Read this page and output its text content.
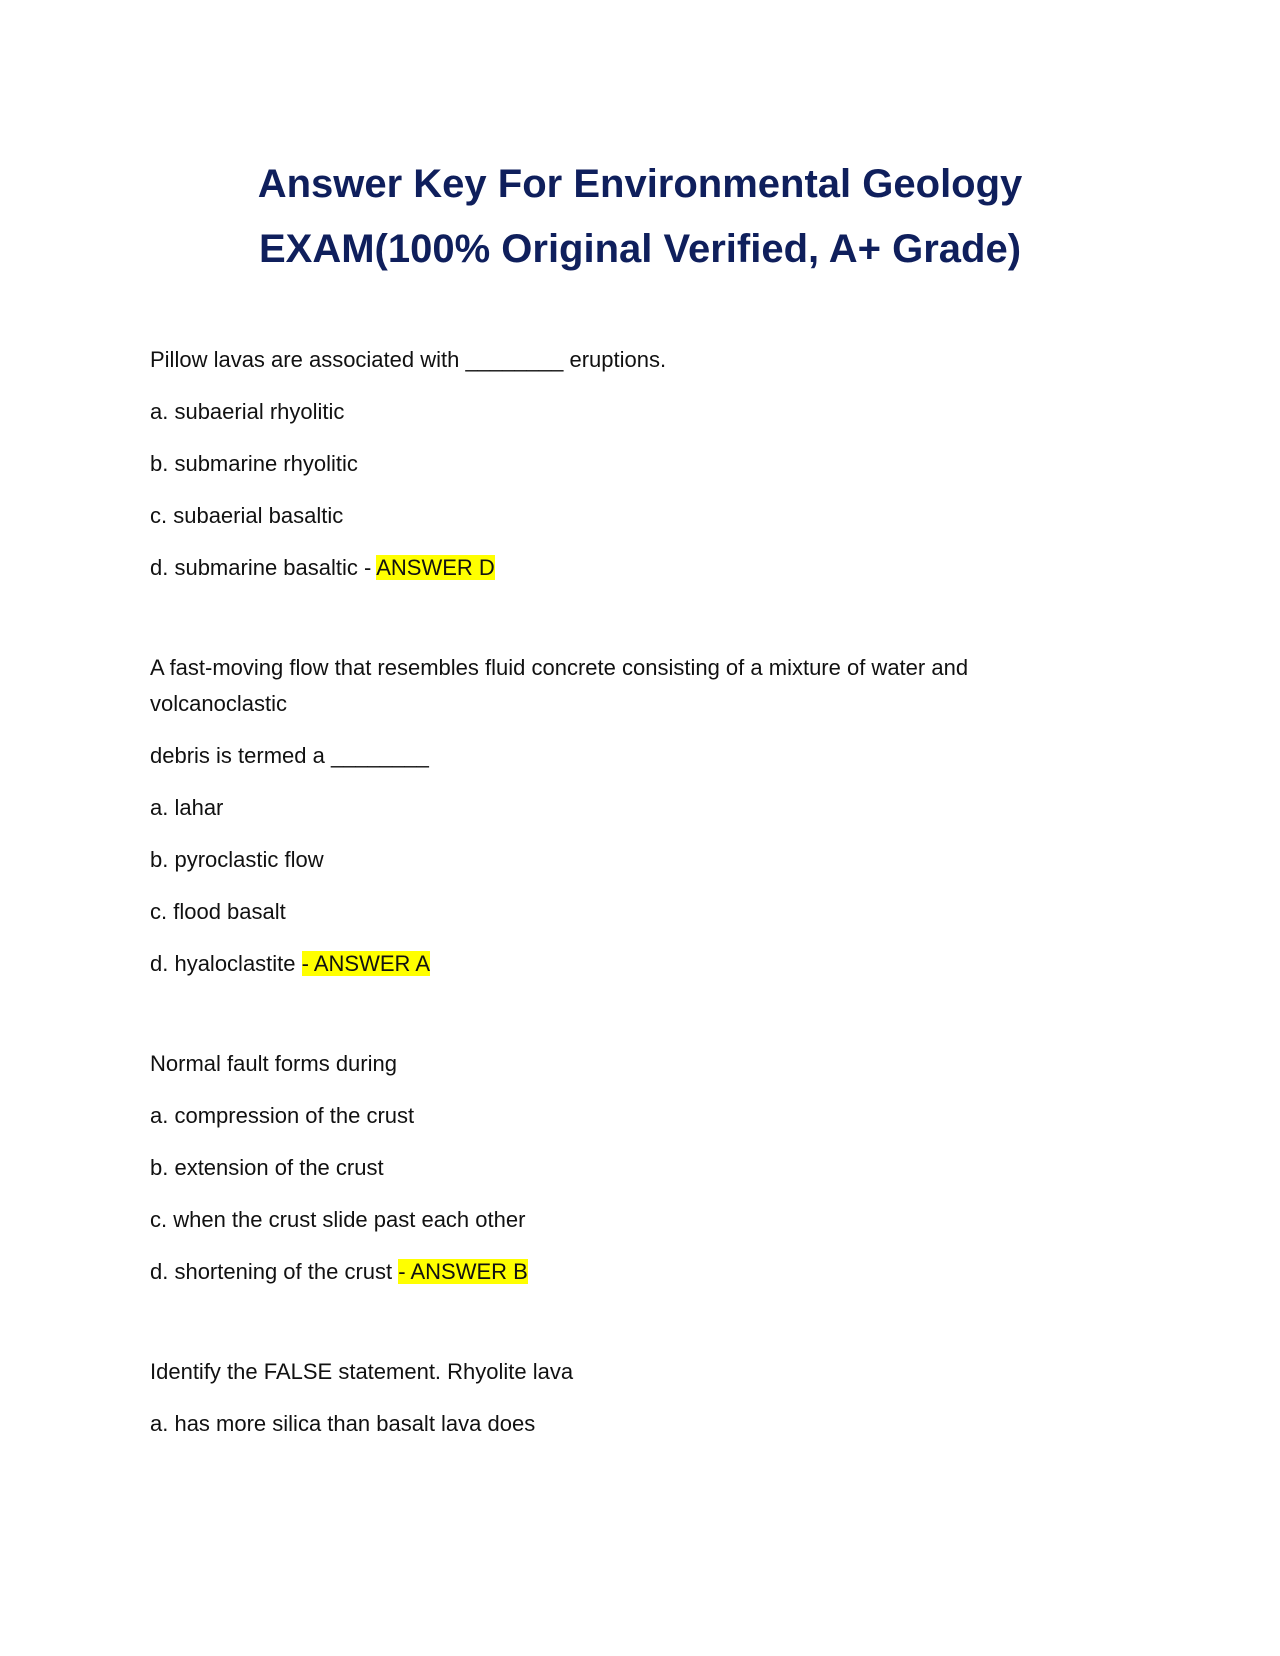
Answer Key For Environmental Geology
EXAM(100% Original Verified, A+ Grade)

Pillow lavas are associated with ________ eruptions.

a. subaerial rhyolitic

b. submarine rhyolitic

c. subaerial basaltic

d. submarine basaltic - ANSWER D

A fast-moving flow that resembles fluid concrete consisting of a mixture of water and

volcanoclastic

debris is termed a ________

a. lahar

b. pyroclastic flow

c. flood basalt

d. hyaloclastite - ANSWER A

Normal fault forms during

a. compression of the crust

b. extension of the crust

c. when the crust slide past each other

d. shortening of the crust - ANSWER B

Identify the FALSE statement. Rhyolite lava

a. has more silica than basalt lava does
